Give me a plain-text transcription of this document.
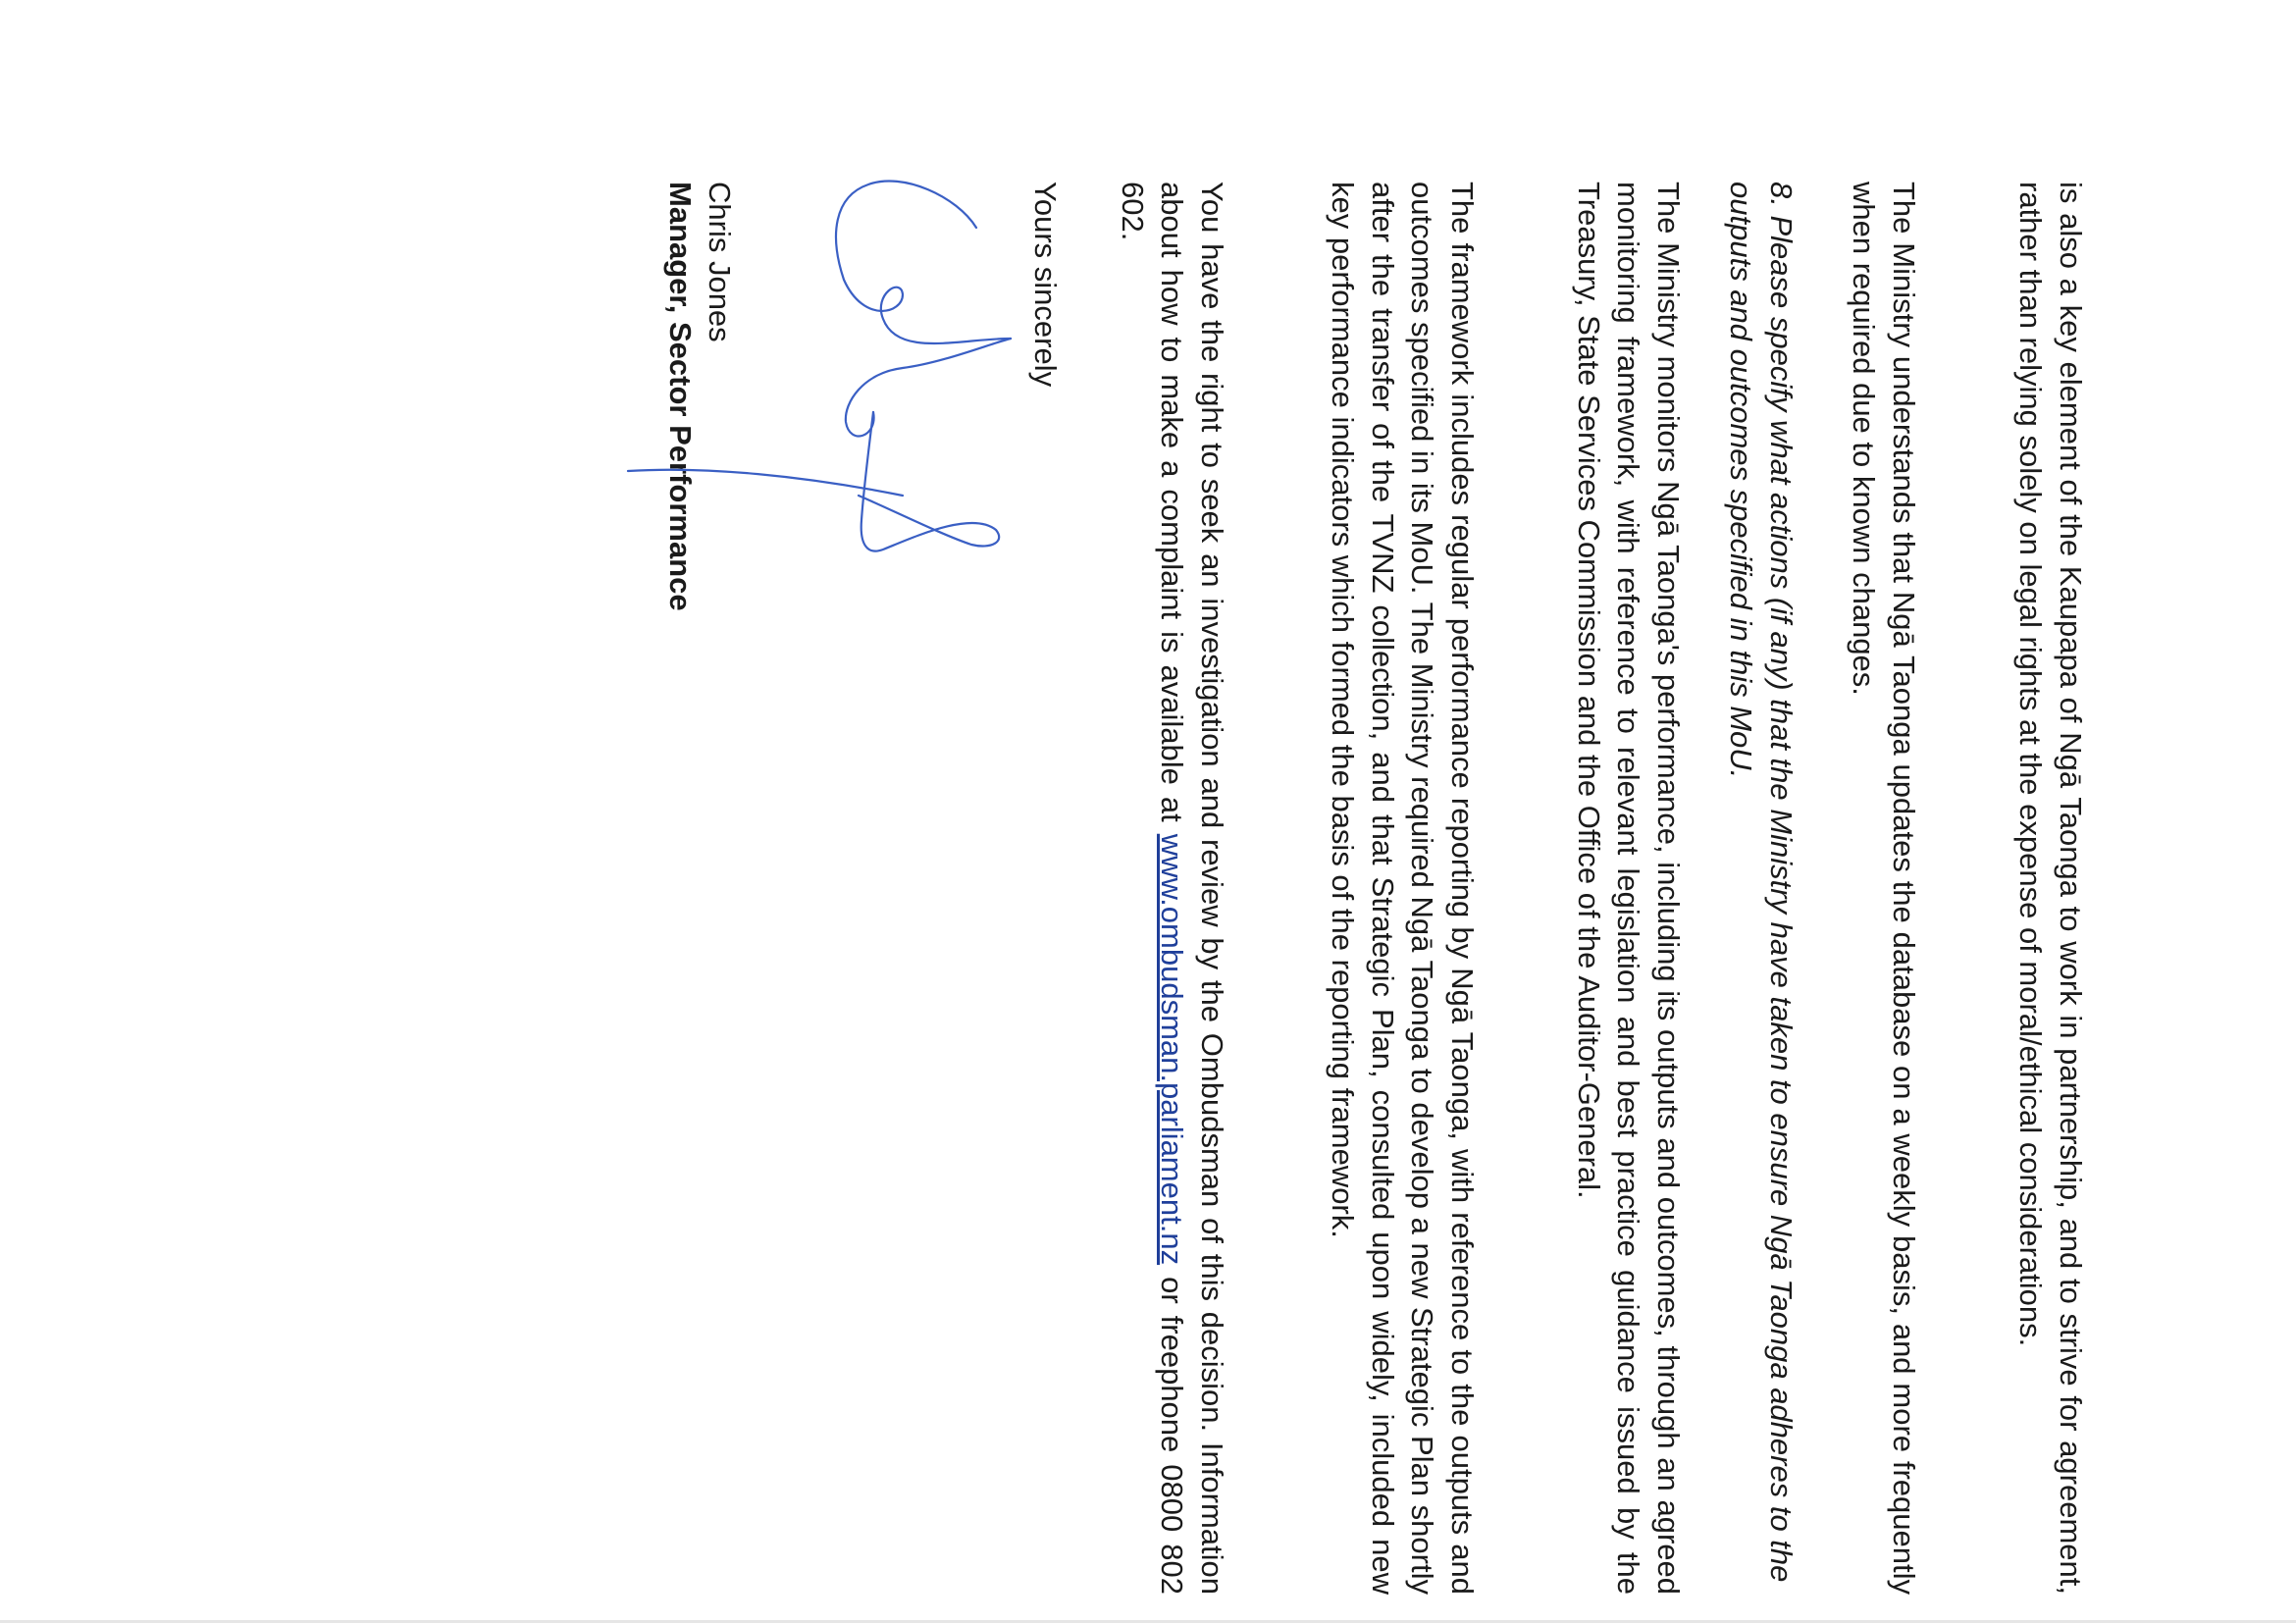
is also a key element of the Kaupapa of Ngā Taonga to work in partnership, and to strive for agreement, rather than relying solely on legal rights at the expense of moral/ethical considerations.

The Ministry understands that Ngā Taonga updates the database on a weekly basis, and more frequently when required due to known changes.

8. Please specify what actions (if any) that the Ministry have taken to ensure Ngā Taonga adheres to the outputs and outcomes specified in this MoU.

The Ministry monitors Ngā Taonga's performance, including its outputs and outcomes, through an agreed monitoring framework, with reference to relevant legislation and best practice guidance issued by the Treasury, State Services Commission and the Office of the Auditor-General.

The framework includes regular performance reporting by Ngā Taonga, with reference to the outputs and outcomes specified in its MoU. The Ministry required Ngā Taonga to develop a new Strategic Plan shortly after the transfer of the TVNZ collection, and that Strategic Plan, consulted upon widely, included new key performance indicators which formed the basis of the reporting framework.

You have the right to seek an investigation and review by the Ombudsman of this decision. Information about how to make a complaint is available at www.ombudsman.parliament.nz or freephone 0800 802 602.

Yours sincerely

Chris Jones

Manager, Sector Performance
